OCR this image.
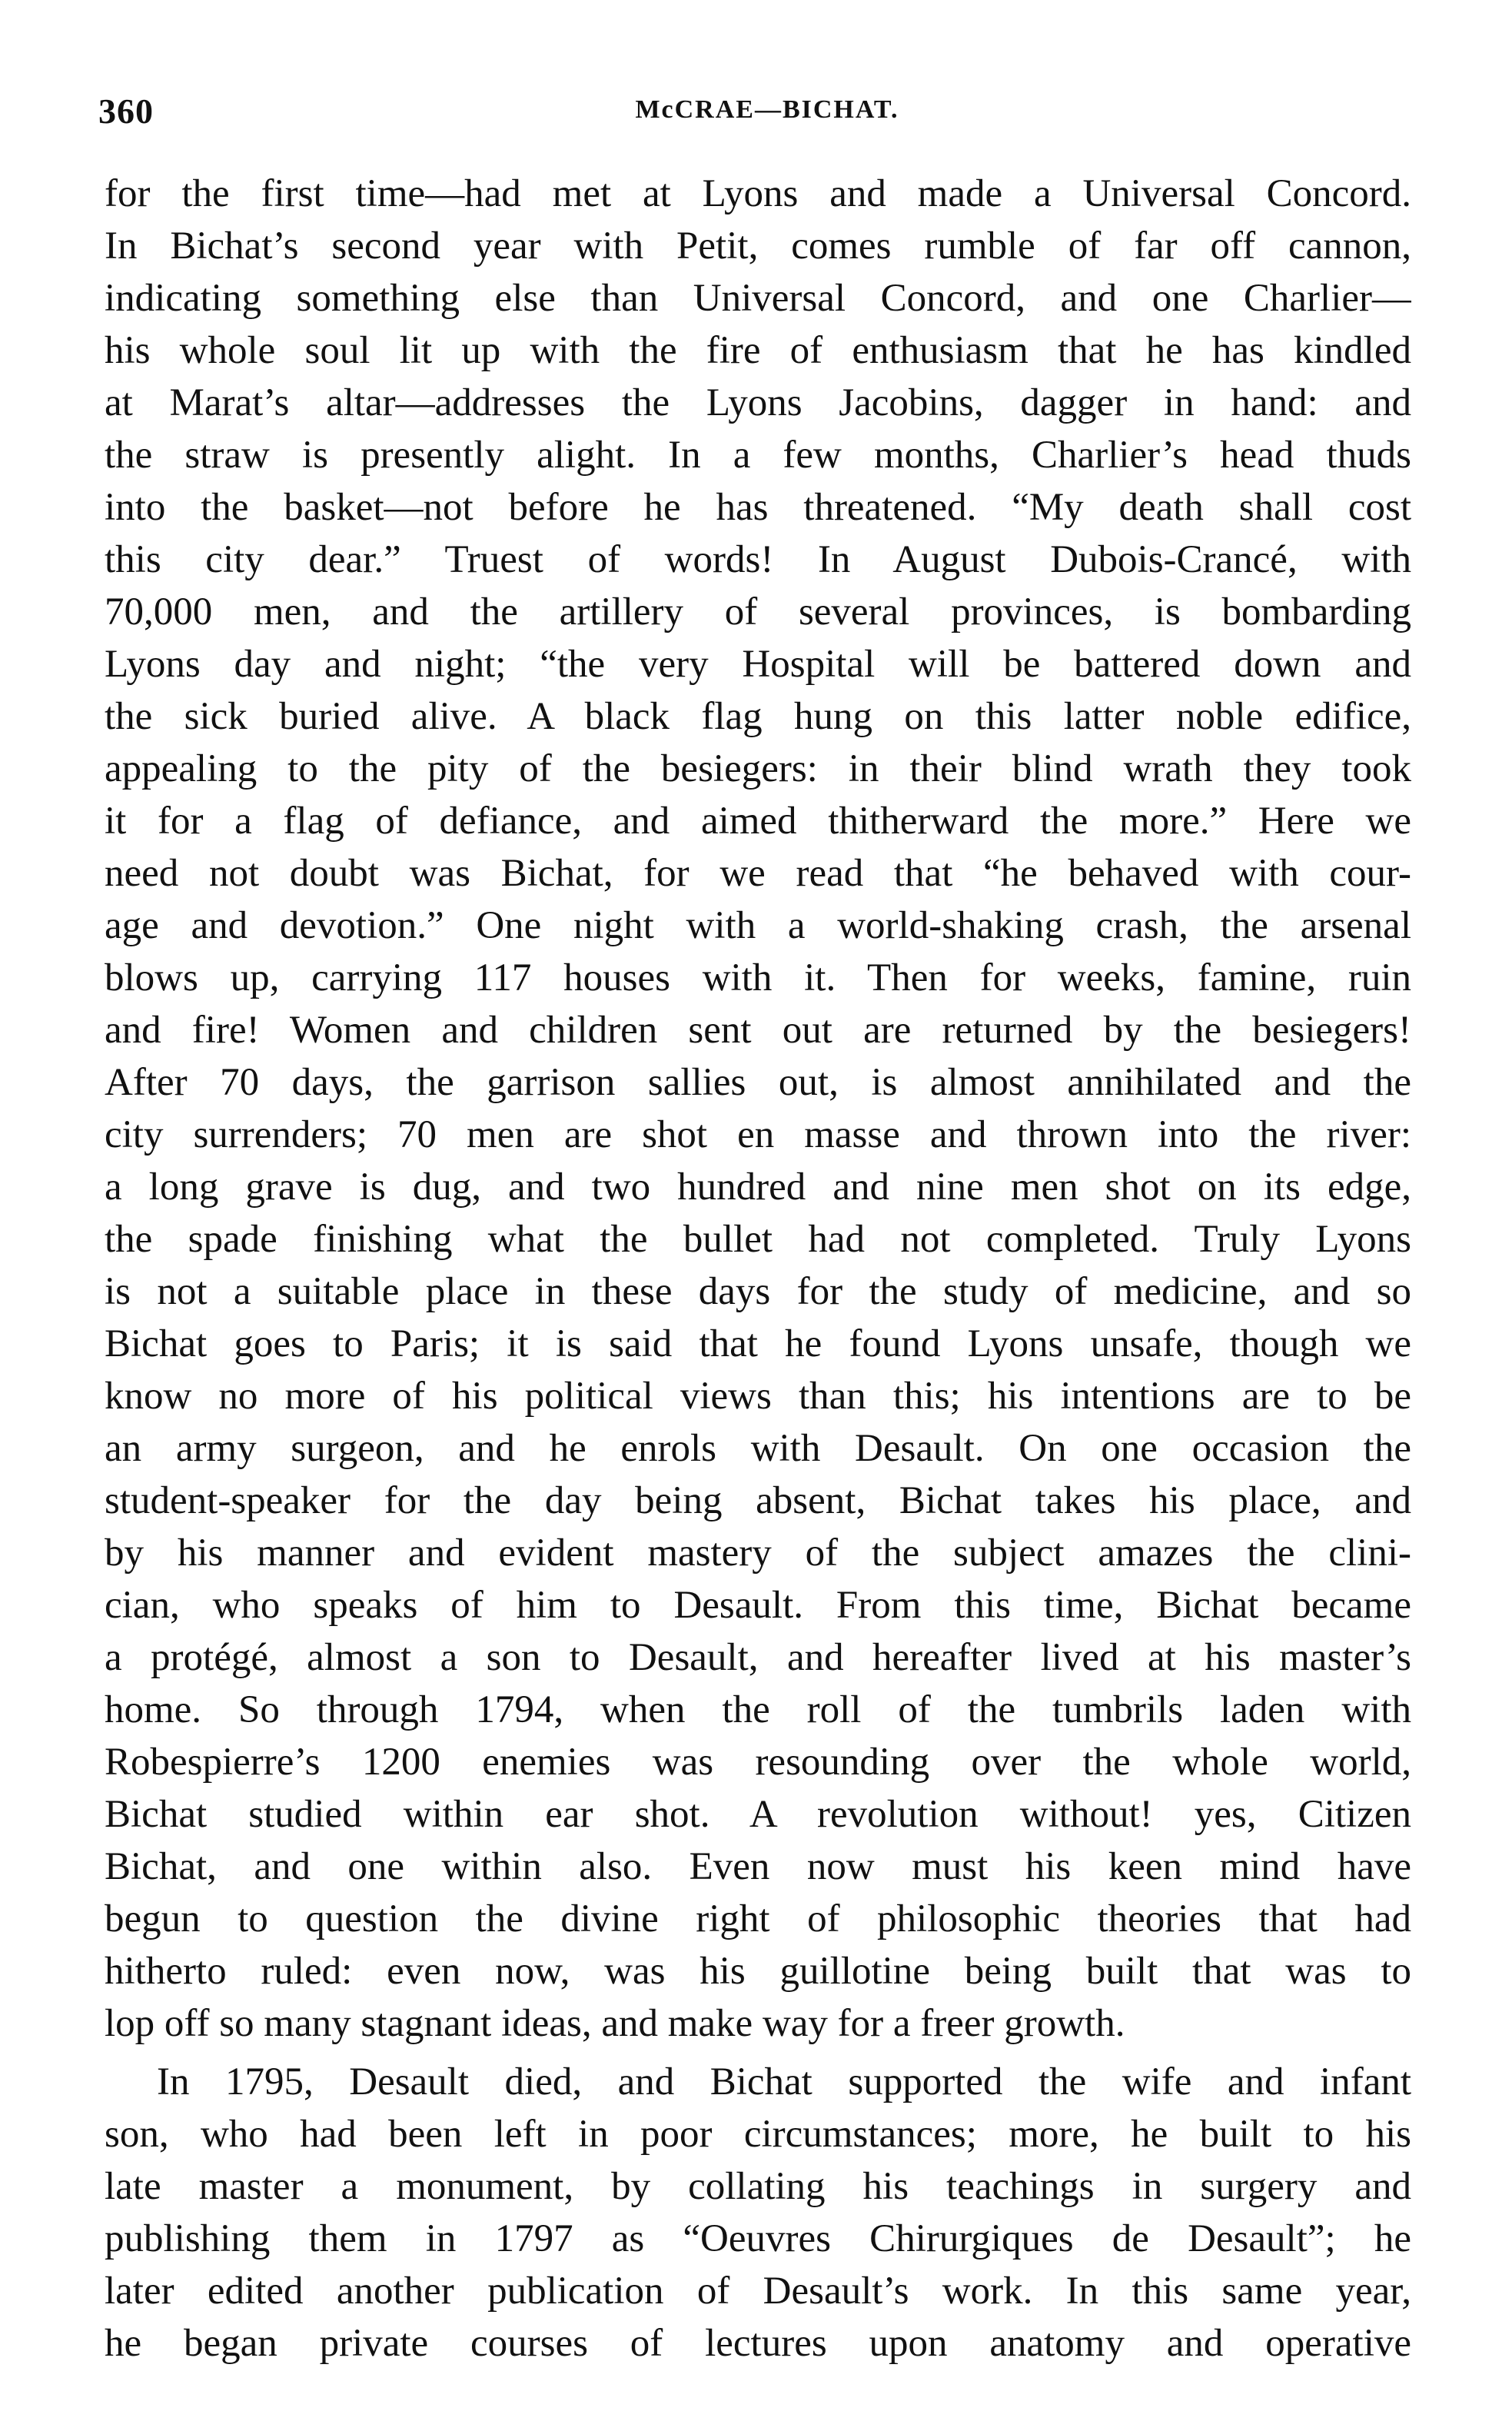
360	McCRAE—BICHAT.
for the first time—had met at Lyons and made a Universal Concord.
In Bichat’s second year with Petit, comes rumble of far off cannon,
indicating something else than Universal Concord, and one Charlier—
his whole soul lit up with the fire of enthusiasm that he has kindled
at Marat’s altar—addresses the Lyons Jacobins, dagger in hand: and
the straw is presently alight. In a few months, Charlier’s head thuds
into the basket—not before he has threatened. “My death shall cost
this city dear.” Truest of words! In August Dubois-Crancé, with
70,000 men, and the artillery of several provinces, is bombarding
Lyons day and night; “the very Hospital will be battered down and
the sick buried alive. A black flag hung on this latter noble edifice,
appealing to the pity of the besiegers: in their blind wrath they took
it for a flag of defiance, and aimed thitherward the more.” Here we
need not doubt was Bichat, for we read that “he behaved with cour-
age and devotion.” One night with a world-shaking crash, the arsenal
blows up, carrying 117 houses with it. Then for weeks, famine, ruin
and fire! Women and children sent out are returned by the besiegers!
After 70 days, the garrison sallies out, is almost annihilated and the
city surrenders; 70 men are shot en masse and thrown into the river:
a long grave is dug, and two hundred and nine men shot on its edge,
the spade finishing what the bullet had not completed. Truly Lyons
is not a suitable place in these days for the study of medicine, and so
Bichat goes to Paris; it is said that he found Lyons unsafe, though we
know no more of his political views than this; his intentions are to be
an army surgeon, and he enrols with Desault. On one occasion the
student-speaker for the day being absent, Bichat takes his place, and
by his manner and evident mastery of the subject amazes the clini-
cian, who speaks of him to Desault. From this time, Bichat became
a protégé, almost a son to Desault, and hereafter lived at his master’s
home. So through 1794, when the roll of the tumbrils laden with
Robespierre’s 1200 enemies was resounding over the whole world,
Bichat studied within ear shot. A revolution without! yes, Citizen
Bichat, and one within also. Even now must his keen mind have
begun to question the divine right of philosophic theories that had
hitherto ruled: even now, was his guillotine being built that was to
lop off so many stagnant ideas, and make way for a freer growth.
In 1795, Desault died, and Bichat supported the wife and infant
son, who had been left in poor circumstances; more, he built to his
late master a monument, by collating his teachings in surgery and
publishing them in 1797 as “Oeuvres Chirurgiques de Desault”; he
later edited another publication of Desault’s work. In this same year,
he began private courses of lectures upon anatomy and operative
